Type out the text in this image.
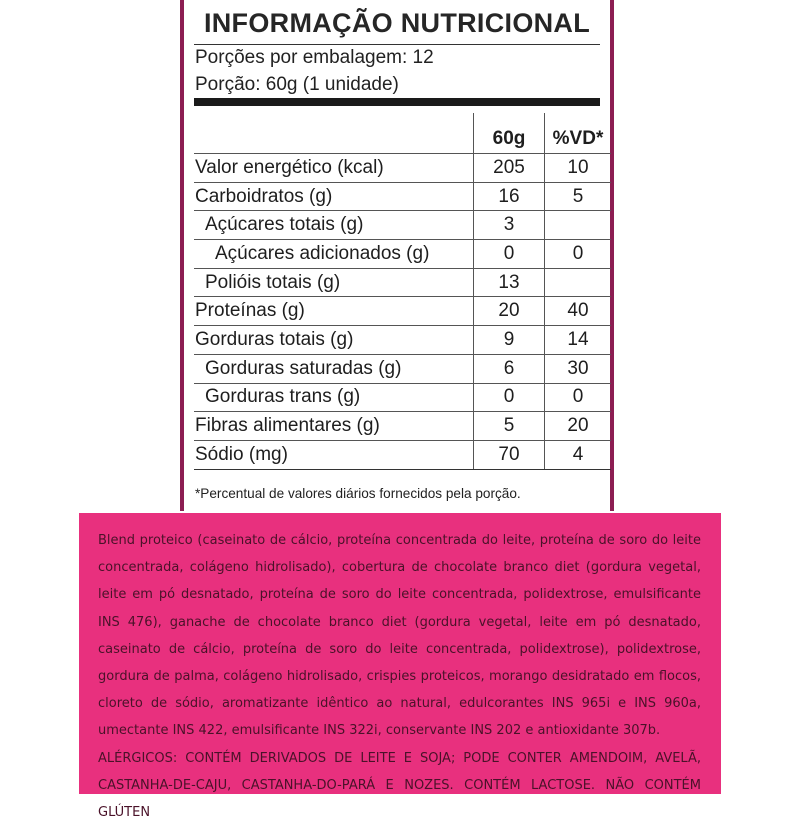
INFORMAÇÃO NUTRICIONAL
Porções por embalagem: 12
Porção: 60g (1 unidade)
	60g	%VD*
Valor energético (kcal)	205	10
Carboidratos (g)	16	5
Açúcares totais (g)	3	
Açúcares adicionados (g)	0	0
Polióis totais (g)	13	
Proteínas (g)	20	40
Gorduras totais (g)	9	14
Gorduras saturadas (g)	6	30
Gorduras trans (g)	0	0
Fibras alimentares (g)	5	20
Sódio (mg)	70	4
*Percentual de valores diários fornecidos pela porção.

Blend proteico (caseinato de cálcio, proteína concentrada do leite, proteína de soro do leite concentrada, colágeno hidrolisado), cobertura de chocolate branco diet (gordura vegetal, leite em pó desnatado, proteína de soro do leite concentrada, polidextrose, emulsificante INS 476), ganache de chocolate branco diet (gordura vegetal, leite em pó desnatado, caseinato de cálcio, proteína de soro do leite concentrada, polidextrose), polidextrose, gordura de palma, colágeno hidrolisado, crispies proteicos, morango desidratado em flocos, cloreto de sódio, aromatizante idêntico ao natural, edulcorantes INS 965i e INS 960a, umectante INS 422, emulsificante INS 322i, conservante INS 202 e antioxidante 307b.

ALÉRGICOS: CONTÉM DERIVADOS DE LEITE E SOJA; PODE CONTER AMENDOIM, AVELÃ, CASTANHA-DE-CAJU, CASTANHA-DO-PARÁ E NOZES. CONTÉM LACTOSE. NÃO CONTÉM GLÚTEN
